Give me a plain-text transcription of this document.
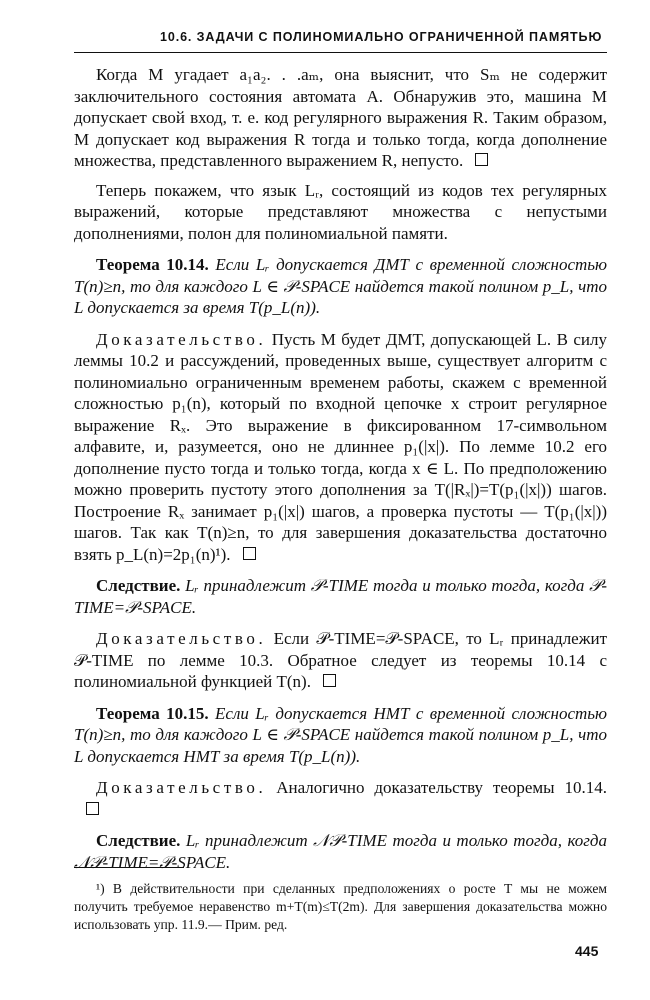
10.6. ЗАДАЧИ С ПОЛИНОМИАЛЬНО ОГРАНИЧЕННОЙ ПАМЯТЬЮ

Когда M угадает a₁a₂. . .aₘ, она выяснит, что Sₘ не содержит заключительного состояния автомата A. Обнаружив это, машина M допускает свой вход, т. е. код регулярного выражения R. Таким образом, M допускает код выражения R тогда и только тогда, когда дополнение множества, представленного выражением R, непусто.

Теперь покажем, что язык Lᵣ, состоящий из кодов тех регулярных выражений, которые представляют множества с непустыми дополнениями, полон для полиномиальной памяти.

Теорема 10.14. Если Lᵣ допускается ДМТ с временной сложностью T(n)≥n, то для каждого L ∈ 𝒫-SPACE найдется такой полином p_L, что L допускается за время T(p_L(n)).

Доказательство. Пусть M будет ДМТ, допускающей L. В силу леммы 10.2 и рассуждений, проведенных выше, существует алгоритм с полиномиально ограниченным временем работы, скажем с временной сложностью p₁(n), который по входной цепочке x строит регулярное выражение Rₓ. Это выражение в фиксированном 17-символьном алфавите, и, разумеется, оно не длиннее p₁(|x|). По лемме 10.2 его дополнение пусто тогда и только тогда, когда x ∈ L. По предположению можно проверить пустоту этого дополнения за T(|Rₓ|)=T(p₁(|x|)) шагов. Построение Rₓ занимает p₁(|x|) шагов, а проверка пустоты — T(p₁(|x|)) шагов. Так как T(n)≥n, то для завершения доказательства достаточно взять p_L(n)=2p₁(n)¹).

Следствие. Lᵣ принадлежит 𝒫-TIME тогда и только тогда, когда 𝒫-TIME=𝒫-SPACE.

Доказательство. Если 𝒫-TIME=𝒫-SPACE, то Lᵣ принадлежит 𝒫-TIME по лемме 10.3. Обратное следует из теоремы 10.14 с полиномиальной функцией T(n).

Теорема 10.15. Если Lᵣ допускается НМТ с временной сложностью T(n)≥n, то для каждого L ∈ 𝒫-SPACE найдется такой полином p_L, что L допускается НМТ за время T(p_L(n)).

Доказательство. Аналогично доказательству теоремы 10.14.

Следствие. Lᵣ принадлежит 𝒩𝒫-TIME тогда и только тогда, когда 𝒩𝒫-TIME=𝒫-SPACE.

¹) В действительности при сделанных предположениях о росте T мы не можем получить требуемое неравенство m+T(m)≤T(2m). Для завершения доказательства можно использовать упр. 11.9.— Прим. ред.
445
